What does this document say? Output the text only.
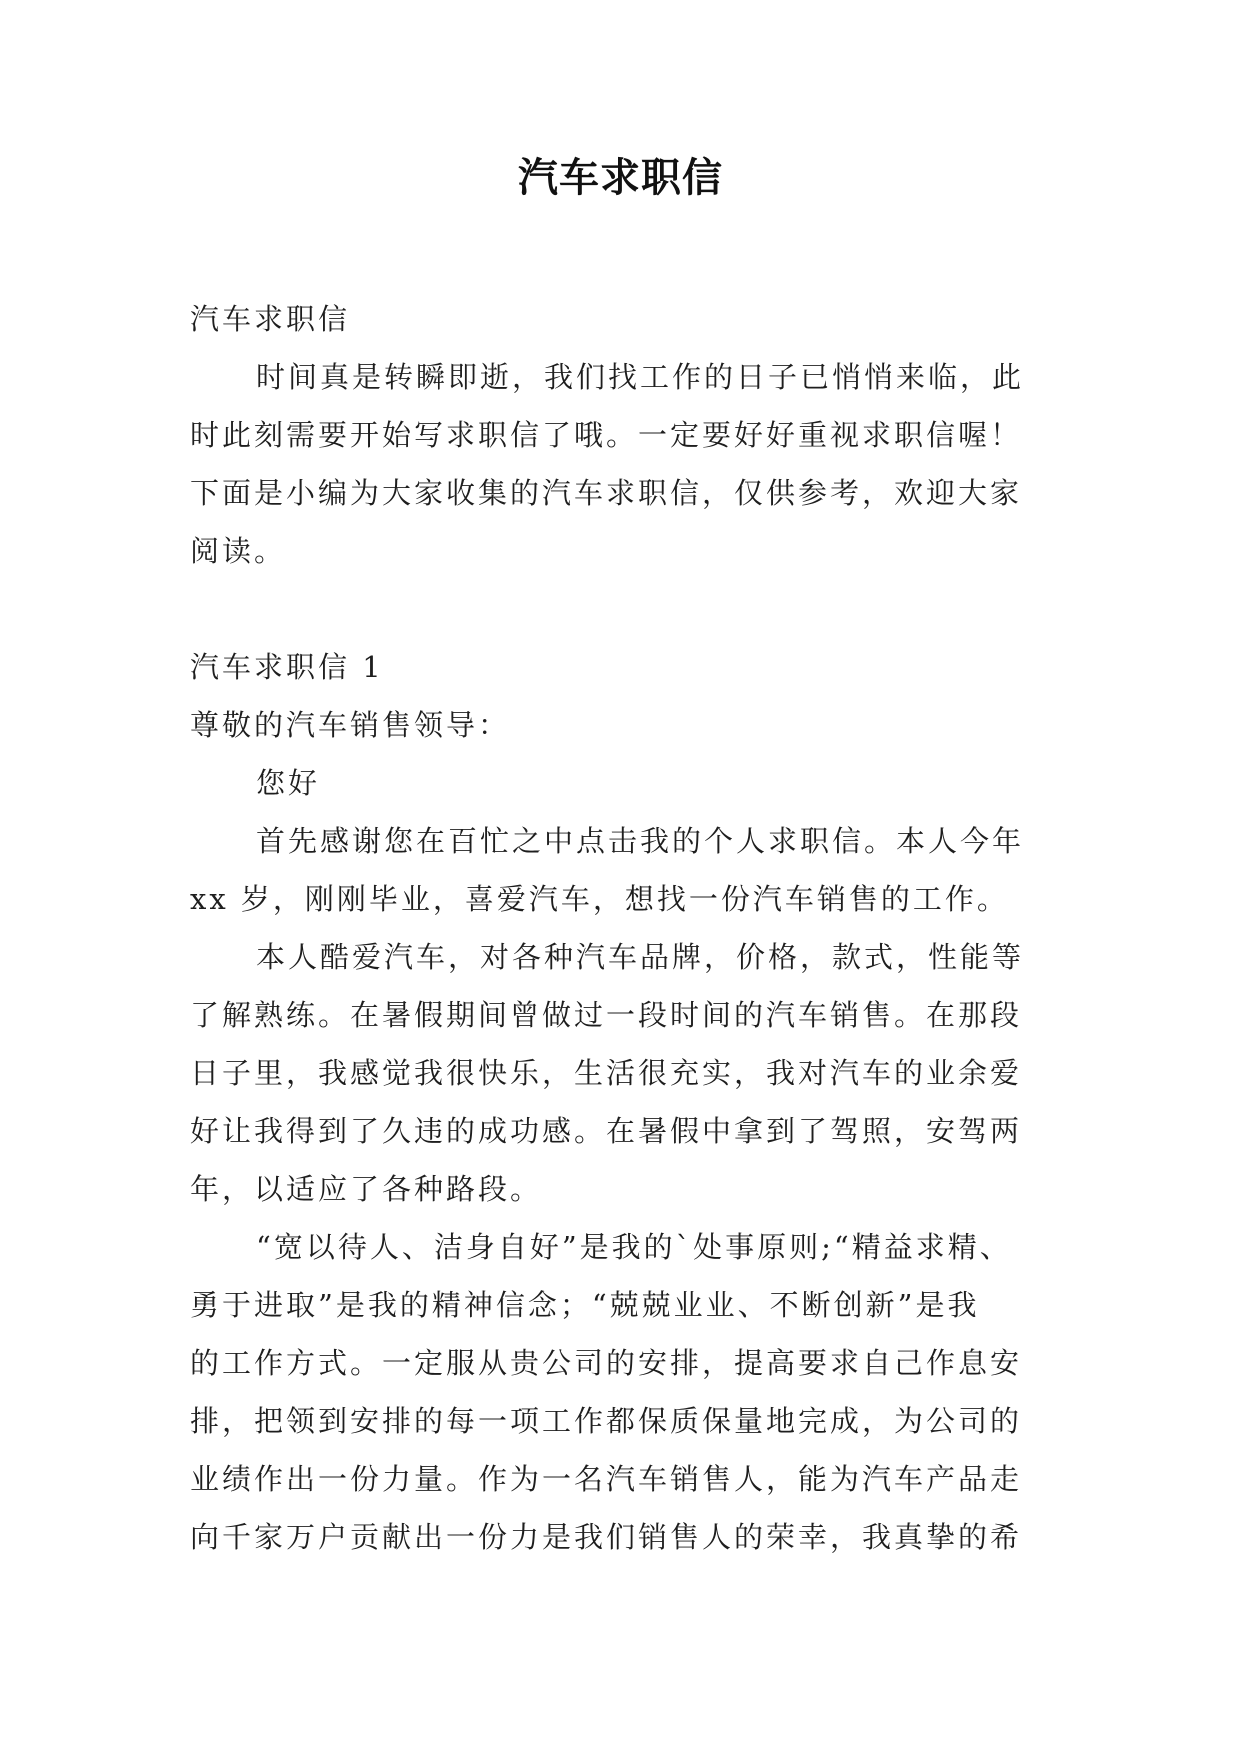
汽车求职信

汽车求职信

时间真是转瞬即逝，我们找工作的日子已悄悄来临，此

时此刻需要开始写求职信了哦。一定要好好重视求职信喔！

下面是小编为大家收集的汽车求职信，仅供参考，欢迎大家

阅读。

汽车求职信 1

尊敬的汽车销售领导：

您好

首先感谢您在百忙之中点击我的个人求职信。本人今年

xx 岁，刚刚毕业，喜爱汽车，想找一份汽车销售的工作。

本人酷爱汽车，对各种汽车品牌，价格，款式，性能等

了解熟练。在暑假期间曾做过一段时间的汽车销售。在那段

日子里，我感觉我很快乐，生活很充实，我对汽车的业余爱

好让我得到了久违的成功感。在暑假中拿到了驾照，安驾两

年，以适应了各种路段。

“宽以待人、洁身自好”是我的`处事原则;“精益求精、

勇于进取”是我的精神信念；“兢兢业业、不断创新”是我

的工作方式。一定服从贵公司的安排，提高要求自己作息安

排，把领到安排的每一项工作都保质保量地完成，为公司的

业绩作出一份力量。作为一名汽车销售人，能为汽车产品走

向千家万户贡献出一份力是我们销售人的荣幸，我真挚的希
